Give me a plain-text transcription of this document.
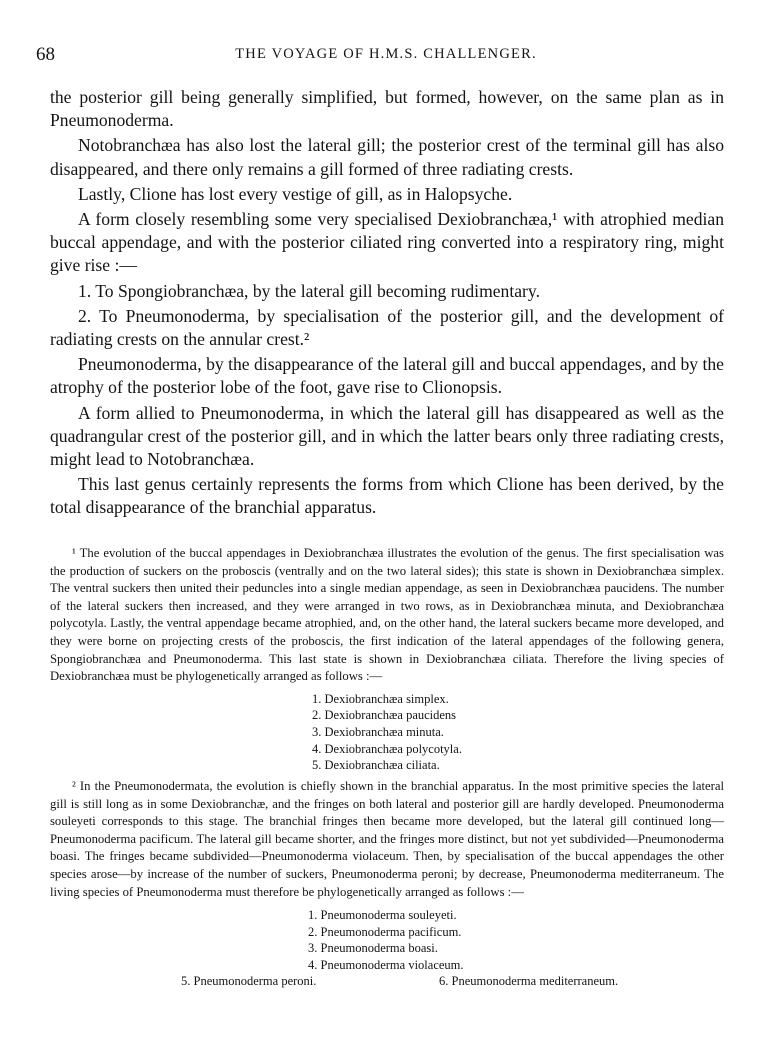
68	THE VOYAGE OF H.M.S. CHALLENGER.

the posterior gill being generally simplified, but formed, however, on the same plan as in Pneumonoderma.

Notobranchæa has also lost the lateral gill; the posterior crest of the terminal gill has also disappeared, and there only remains a gill formed of three radiating crests.

Lastly, Clione has lost every vestige of gill, as in Halopsyche.

A form closely resembling some very specialised Dexiobranchæa,¹ with atrophied median buccal appendage, and with the posterior ciliated ring converted into a respiratory ring, might give rise :—

1. To Spongiobranchæa, by the lateral gill becoming rudimentary.

2. To Pneumonoderma, by specialisation of the posterior gill, and the development of radiating crests on the annular crest.²

Pneumonoderma, by the disappearance of the lateral gill and buccal appendages, and by the atrophy of the posterior lobe of the foot, gave rise to Clionopsis.

A form allied to Pneumonoderma, in which the lateral gill has disappeared as well as the quadrangular crest of the posterior gill, and in which the latter bears only three radiating crests, might lead to Notobranchæa.

This last genus certainly represents the forms from which Clione has been derived, by the total disappearance of the branchial apparatus.

¹ The evolution of the buccal appendages in Dexiobranchæa illustrates the evolution of the genus. The first specialisation was the production of suckers on the proboscis (ventrally and on the two lateral sides); this state is shown in Dexiobranchæa simplex. The ventral suckers then united their peduncles into a single median appendage, as seen in Dexiobranchæa paucidens. The number of the lateral suckers then increased, and they were arranged in two rows, as in Dexiobranchæa minuta, and Dexiobranchæa polycotyla. Lastly, the ventral appendage became atrophied, and, on the other hand, the lateral suckers became more developed, and they were borne on projecting crests of the proboscis, the first indication of the lateral appendages of the following genera, Spongiobranchæa and Pneumonoderma. This last state is shown in Dexiobranchæa ciliata. Therefore the living species of Dexiobranchæa must be phylogenetically arranged as follows :—

1. Dexiobranchæa simplex.
2. Dexiobranchæa paucidens
3. Dexiobranchæa minuta.
4. Dexiobranchæa polycotyla.
5. Dexiobranchæa ciliata.

² In the Pneumonodermata, the evolution is chiefly shown in the branchial apparatus. In the most primitive species the lateral gill is still long as in some Dexiobranchæ, and the fringes on both lateral and posterior gill are hardly developed. Pneumonoderma souleyeti corresponds to this stage. The branchial fringes then became more developed, but the lateral gill continued long—Pneumonoderma pacificum. The lateral gill became shorter, and the fringes more distinct, but not yet subdivided—Pneumonoderma boasi. The fringes became subdivided—Pneumonoderma violaceum. Then, by specialisation of the buccal appendages the other species arose—by increase of the number of suckers, Pneumonoderma peroni; by decrease, Pneumonoderma mediterraneum. The living species of Pneumonoderma must therefore be phylogenetically arranged as follows :—

1. Pneumonoderma souleyeti.
2. Pneumonoderma pacificum.
3. Pneumonoderma boasi.
4. Pneumonoderma violaceum.
5. Pneumonoderma peroni.	6. Pneumonoderma mediterraneum.
